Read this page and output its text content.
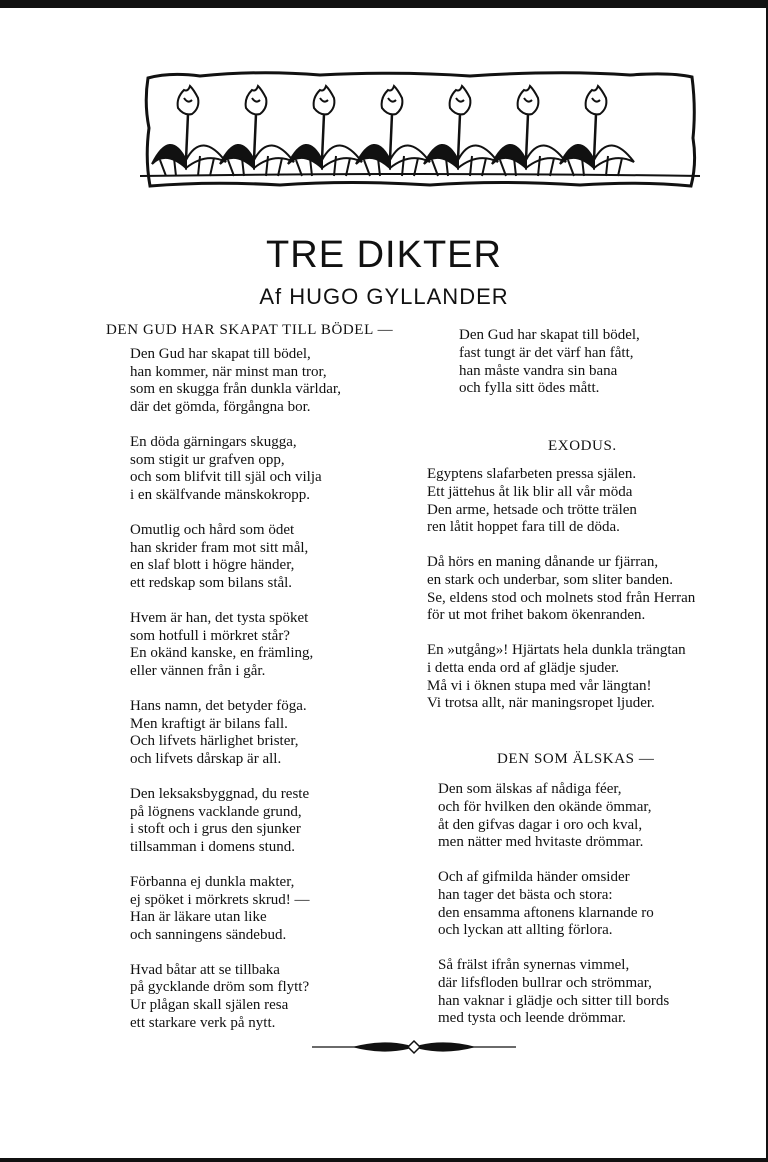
TRE DIKTER
Af HUGO GYLLANDER
DEN GUD HAR SKAPAT TILL BÖDEL —
Den Gud har skapat till bödel,
han kommer, när minst man tror,
som en skugga från dunkla världar,
där det gömda, förgångna bor.
En döda gärningars skugga,
som stigit ur grafven opp,
och som blifvit till själ och vilja
i en skälfvande mänskokropp.
Omutlig och hård som ödet
han skrider fram mot sitt mål,
en slaf blott i högre händer,
ett redskap som bilans stål.
Hvem är han, det tysta spöket
som hotfull i mörkret står?
En okänd kanske, en främling,
eller vännen från i går.
Hans namn, det betyder föga.
Men kraftigt är bilans fall.
Och lifvets härlighet brister,
och lifvets dårskap är all.
Den leksaksbyggnad, du reste
på lögnens vacklande grund,
i stoft och i grus den sjunker
tillsamman i domens stund.
Förbanna ej dunkla makter,
ej spöket i mörkrets skrud! —
Han är läkare utan like
och sanningens sändebud.
Hvad båtar att se tillbaka
på gycklande dröm som flytt?
Ur plågan skall själen resa
ett starkare verk på nytt.
Den Gud har skapat till bödel,
fast tungt är det värf han fått,
han måste vandra sin bana
och fylla sitt ödes mått.
EXODUS.
Egyptens slafarbeten pressa själen.
Ett jättehus åt lik blir all vår möda
Den arme, hetsade och trötte trälen
ren låtit hoppet fara till de döda.
Då hörs en maning dånande ur fjärran,
en stark och underbar, som sliter banden.
Se, eldens stod och molnets stod från Herran
för ut mot frihet bakom ökenranden.
En »utgång»! Hjärtats hela dunkla trängtan
i detta enda ord af glädje sjuder.
Må vi i öknen stupa med vår längtan!
Vi trotsa allt, när maningsropet ljuder.
DEN SOM ÄLSKAS —
Den som älskas af nådiga féer,
och för hvilken den okände ömmar,
åt den gifvas dagar i oro och kval,
men nätter med hvitaste drömmar.
Och af gifmilda händer omsider
han tager det bästa och stora:
den ensamma aftonens klarnande ro
och lyckan att allting förlora.
Så frälst ifrån synernas vimmel,
där lifsfloden bullrar och strömmar,
han vaknar i glädje och sitter till bords
med tysta och leende drömmar.
